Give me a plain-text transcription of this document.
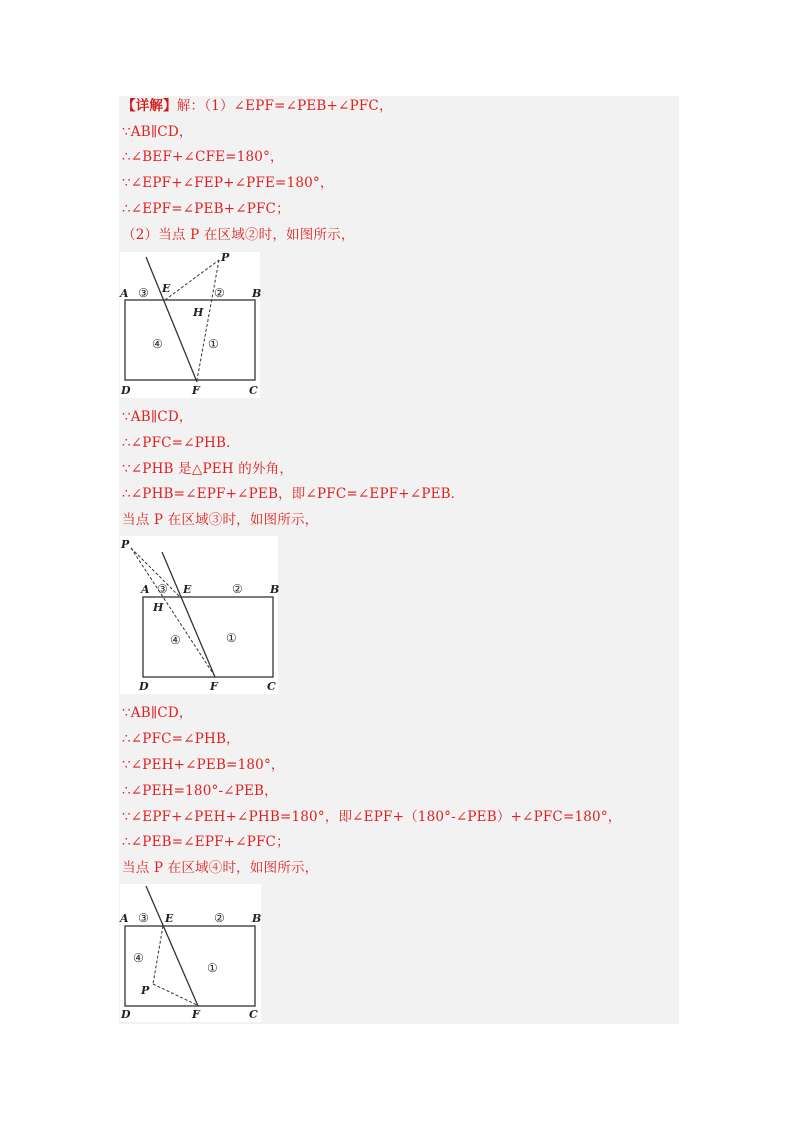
【详解】解：（1）∠EPF=∠PEB+∠PFC，
∵AB∥CD，
∴∠BEF+∠CFE=180°，
∵∠EPF+∠FEP+∠PFE=180°，
∴∠EPF=∠PEB+∠PFC；
（2）当点 P 在区域②时，如图所示，
A ③ E	② B
P
H
④	①
D	F	C
∵AB∥CD，
∴∠PFC=∠PHB．
∵∠PHB 是△PEH 的外角，
∴∠PHB=∠EPF+∠PEB，即∠PFC=∠EPF+∠PEB．
当点 P 在区域③时，如图所示，
P
A ③ E	② B
H
④	①
D	F	C
∵AB∥CD，
∴∠PFC=∠PHB，
∵∠PEH+∠PEB=180°，
∴∠PEH=180°-∠PEB，
∵∠EPF+∠PEH+∠PHB=180°，即∠EPF+（180°-∠PEB）+∠PFC=180°，
∴∠PEB=∠EPF+∠PFC；
当点 P 在区域④时，如图所示，
A ③ E	② B
④
①
P
D	F	C
